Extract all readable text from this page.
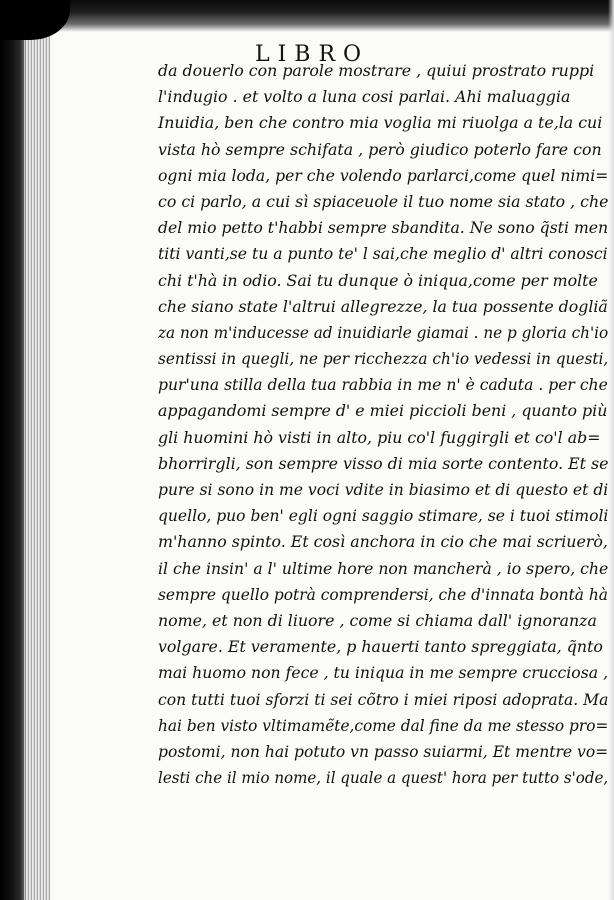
LIBRO
da douerlo con parole mostrare , quiui prostrato ruppi
l'indugio . et volto a luna cosi parlai. Ahi maluaggia
Inuidia, ben che contro mia voglia mi riuolga a te,la cui
vista hò sempre schifata , però giudico poterlo fare con
ogni mia loda, per che volendo parlarci,come quel nimi=
co ci parlo, a cui sì spiaceuole il tuo nome sia stato , che
del mio petto t'habbi sempre sbandita. Ne sono q̃sti men
titi vanti,se tu a punto te' l sai,che meglio d' altri conosci
chi t'hà in odio. Sai tu dunque ò iniqua,come per molte
che siano state l'altrui allegrezze, la tua possente dogliã
za non m'inducesse ad inuidiarle giamai . ne p gloria ch'io
sentissi in quegli, ne per ricchezza ch'io vedessi in questi,
pur'una stilla della tua rabbia in me n' è caduta . per che
appagandomi sempre d' e miei piccioli beni , quanto più
gli huomini hò visti in alto, piu co'l fuggirgli et co'l ab=
bhorrirgli, son sempre visso di mia sorte contento. Et se
pure si sono in me voci vdite in biasimo et di questo et di
quello, puo ben' egli ogni saggio stimare, se i tuoi stimoli
m'hanno spinto. Et così anchora in cio che mai scriuerò,
il che insin' a l' ultime hore non mancherà , io spero, che
sempre quello potrà comprendersi, che d'innata bontà hà
nome, et non di liuore , come si chiama dall' ignoranza
volgare. Et veramente, p hauerti tanto spreggiata, q̃nto
mai huomo non fece , tu iniqua in me sempre crucciosa ,
con tutti tuoi sforzi ti sei cõtro i miei riposi adoprata. Ma
hai ben visto vltimamẽte,come dal fine da me stesso pro=
postomi, non hai potuto vn passo suiarmi, Et mentre vo=
lesti che il mio nome, il quale a quest' hora per tutto s'ode,
